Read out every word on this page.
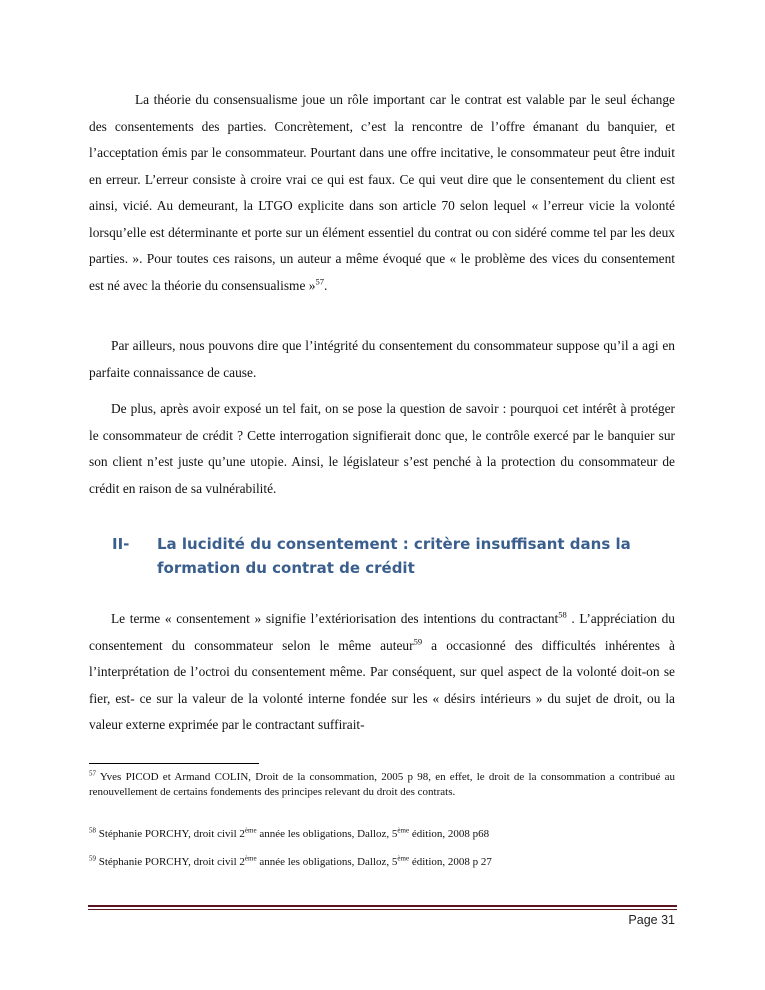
La théorie du consensualisme joue un rôle important car le contrat est valable par le seul échange des consentements des parties. Concrètement, c’est la rencontre de l’offre émanant du banquier, et l’acceptation émis par le consommateur. Pourtant dans une offre incitative, le consommateur peut être induit en erreur. L’erreur consiste à croire vrai ce qui est faux. Ce qui veut dire que le consentement du client est ainsi, vicié. Au demeurant, la LTGO explicite dans son article 70 selon lequel « l’erreur vicie la volonté lorsqu’elle est déterminante et porte sur un élément essentiel du contrat ou con sidéré comme tel par les deux parties. ». Pour toutes ces raisons, un auteur a même évoqué que « le problème des vices du consentement est né avec la théorie du consensualisme »$^{57}$.

Par ailleurs, nous pouvons dire que l’intégrité du consentement du consommateur suppose qu’il a agi en parfaite connaissance de cause.

De plus, après avoir exposé un tel fait, on se pose la question de savoir : pourquoi cet intérêt à protéger le consommateur de crédit ? Cette interrogation signifierait donc que, le contrôle exercé par le banquier sur son client n’est juste qu’une utopie. Ainsi, le législateur s’est penché à la protection du consommateur de crédit en raison de sa vulnérabilité.

II- La lucidité du consentement : critère insuffisant dans la formation du contrat de crédit

Le terme « consentement » signifie l’extériorisation des intentions du contractant$^{58}$ . L’appréciation du consentement du consommateur selon le même auteur$^{59}$ a occasionné des difficultés inhérentes à l’interprétation de l’octroi du consentement même. Par conséquent, sur quel aspect de la volonté doit-on se fier, est- ce sur la valeur de la volonté interne fondée sur les « désirs intérieurs » du sujet de droit, ou la valeur externe exprimée par le contractant suffirait-

$^{57}$ Yves PICOD et Armand COLIN, Droit de la consommation, 2005 p 98, en effet, le droit de la consommation a contribué au renouvellement de certains fondements des principes relevant du droit des contrats.
$^{58}$ Stéphanie PORCHY, droit civil 2ème année les obligations, Dalloz, 5ème édition, 2008 p68
$^{59}$ Stéphanie PORCHY, droit civil 2ème année les obligations, Dalloz, 5ème édition, 2008 p 27
Page 31
